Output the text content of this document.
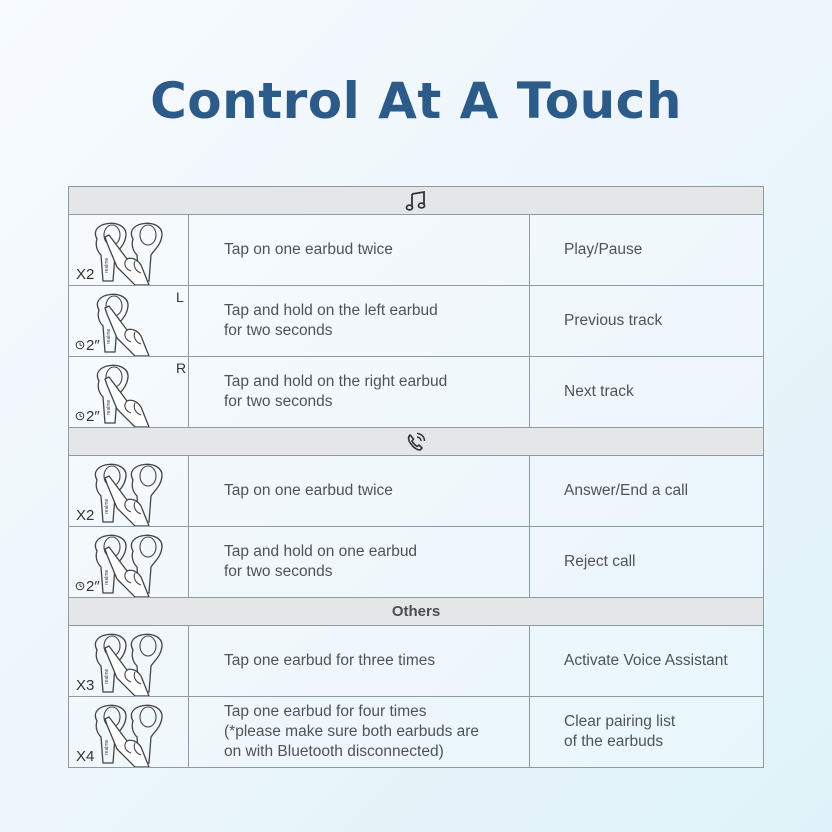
Control At A Touch

realme
X2	Tap on one earbud twice	Play/Pause

realme
2″
L	Tap and hold on the left earbud
for two seconds	Previous track

realme
2″
R	Tap and hold on the right earbud
for two seconds	Next track

realme
X2	Tap on one earbud twice	Answer/End a call

realme
2″	Tap and hold on one earbud
for two seconds	Reject call

Others		

realme
X3	Tap one earbud for three times	Activate Voice Assistant

realme
X4	Tap one earbud for four times
(*please make sure both earbuds are
on with Bluetooth disconnected)	Clear pairing list
of the earbuds
